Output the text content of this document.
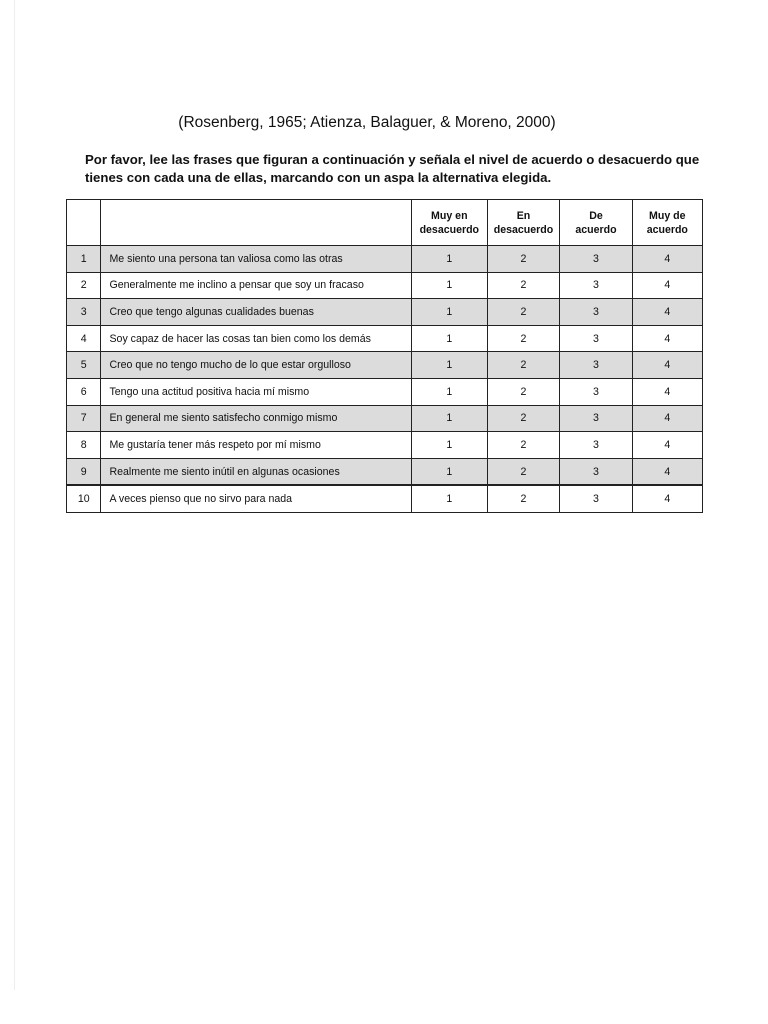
(Rosenberg, 1965; Atienza, Balaguer, & Moreno, 2000)
Por favor, lee las frases que figuran a continuación y señala el nivel de acuerdo o desacuerdo que tienes con cada una de ellas, marcando con un aspa la alternativa elegida.
		Muy en
desacuerdo	En
desacuerdo	De
acuerdo	Muy de
acuerdo
1	Me siento una persona tan valiosa como las otras	1	2	3	4
2	Generalmente me inclino a pensar que soy un fracaso	1	2	3	4
3	Creo que tengo algunas cualidades buenas	1	2	3	4
4	Soy capaz de hacer las cosas tan bien como los demás	1	2	3	4
5	Creo que no tengo mucho de lo que estar orgulloso	1	2	3	4
6	Tengo una actitud positiva hacia mí mismo	1	2	3	4
7	En general me siento satisfecho conmigo mismo	1	2	3	4
8	Me gustaría tener más respeto por mí mismo	1	2	3	4
9	Realmente me siento inútil en algunas ocasiones	1	2	3	4
10	A veces pienso que no sirvo para nada	1	2	3	4
